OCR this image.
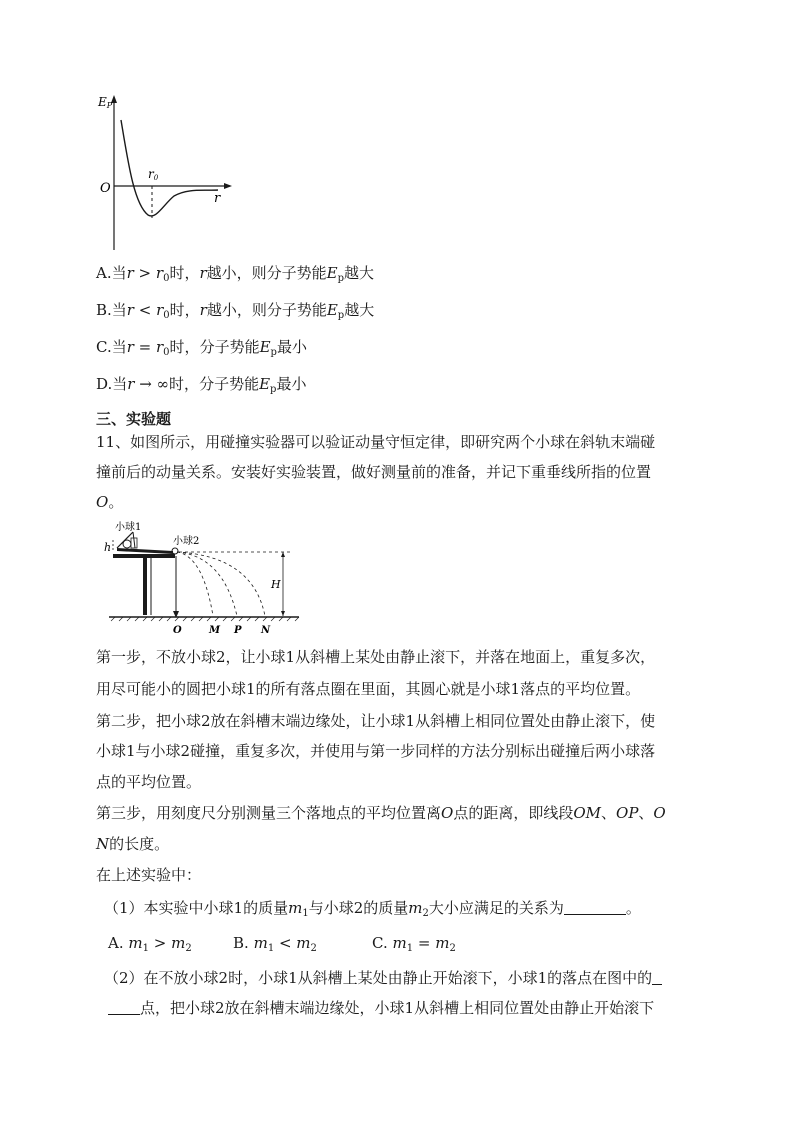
EP
O
r0
r
A.当$r > r_0$时，r越小，则分子势能$E_p$越大
B.当$r < r_0$时，r越小，则分子势能$E_p$越大
C.当$r = r_0$时，分子势能$E_p$最小
D.当r → ∞时，分子势能$E_p$最小
三、实验题
11、如图所示，用碰撞实验器可以验证动量守恒定律，即研究两个小球在斜轨末端碰
撞前后的动量关系。安装好实验装置，做好测量前的准备，并记下重垂线所指的位置
O。
小球1
小球2
h
H
O	M P N
第一步，不放小球2，让小球1从斜槽上某处由静止滚下，并落在地面上，重复多次，
用尽可能小的圆把小球1的所有落点圈在里面，其圆心就是小球1落点的平均位置。
第二步，把小球2放在斜槽末端边缘处，让小球1从斜槽上相同位置处由静止滚下，使
小球1与小球2碰撞，重复多次，并使用与第一步同样的方法分别标出碰撞后两小球落
点的平均位置。
第三步，用刻度尺分别测量三个落地点的平均位置离O点的距离，即线段OM、OP、O
N的长度。
在上述实验中：
（1）本实验中小球1的质量$m_1$与小球2的质量$m_2$大小应满足的关系为	。
A. $m_1 > m_2$	B. $m_1 < m_2$	C. $m_1 = m_2$
（2）在不放小球2时，小球1从斜槽上某处由静止开始滚下，小球1的落点在图中的
点，把小球2放在斜槽末端边缘处，小球1从斜槽上相同位置处由静止开始滚下
